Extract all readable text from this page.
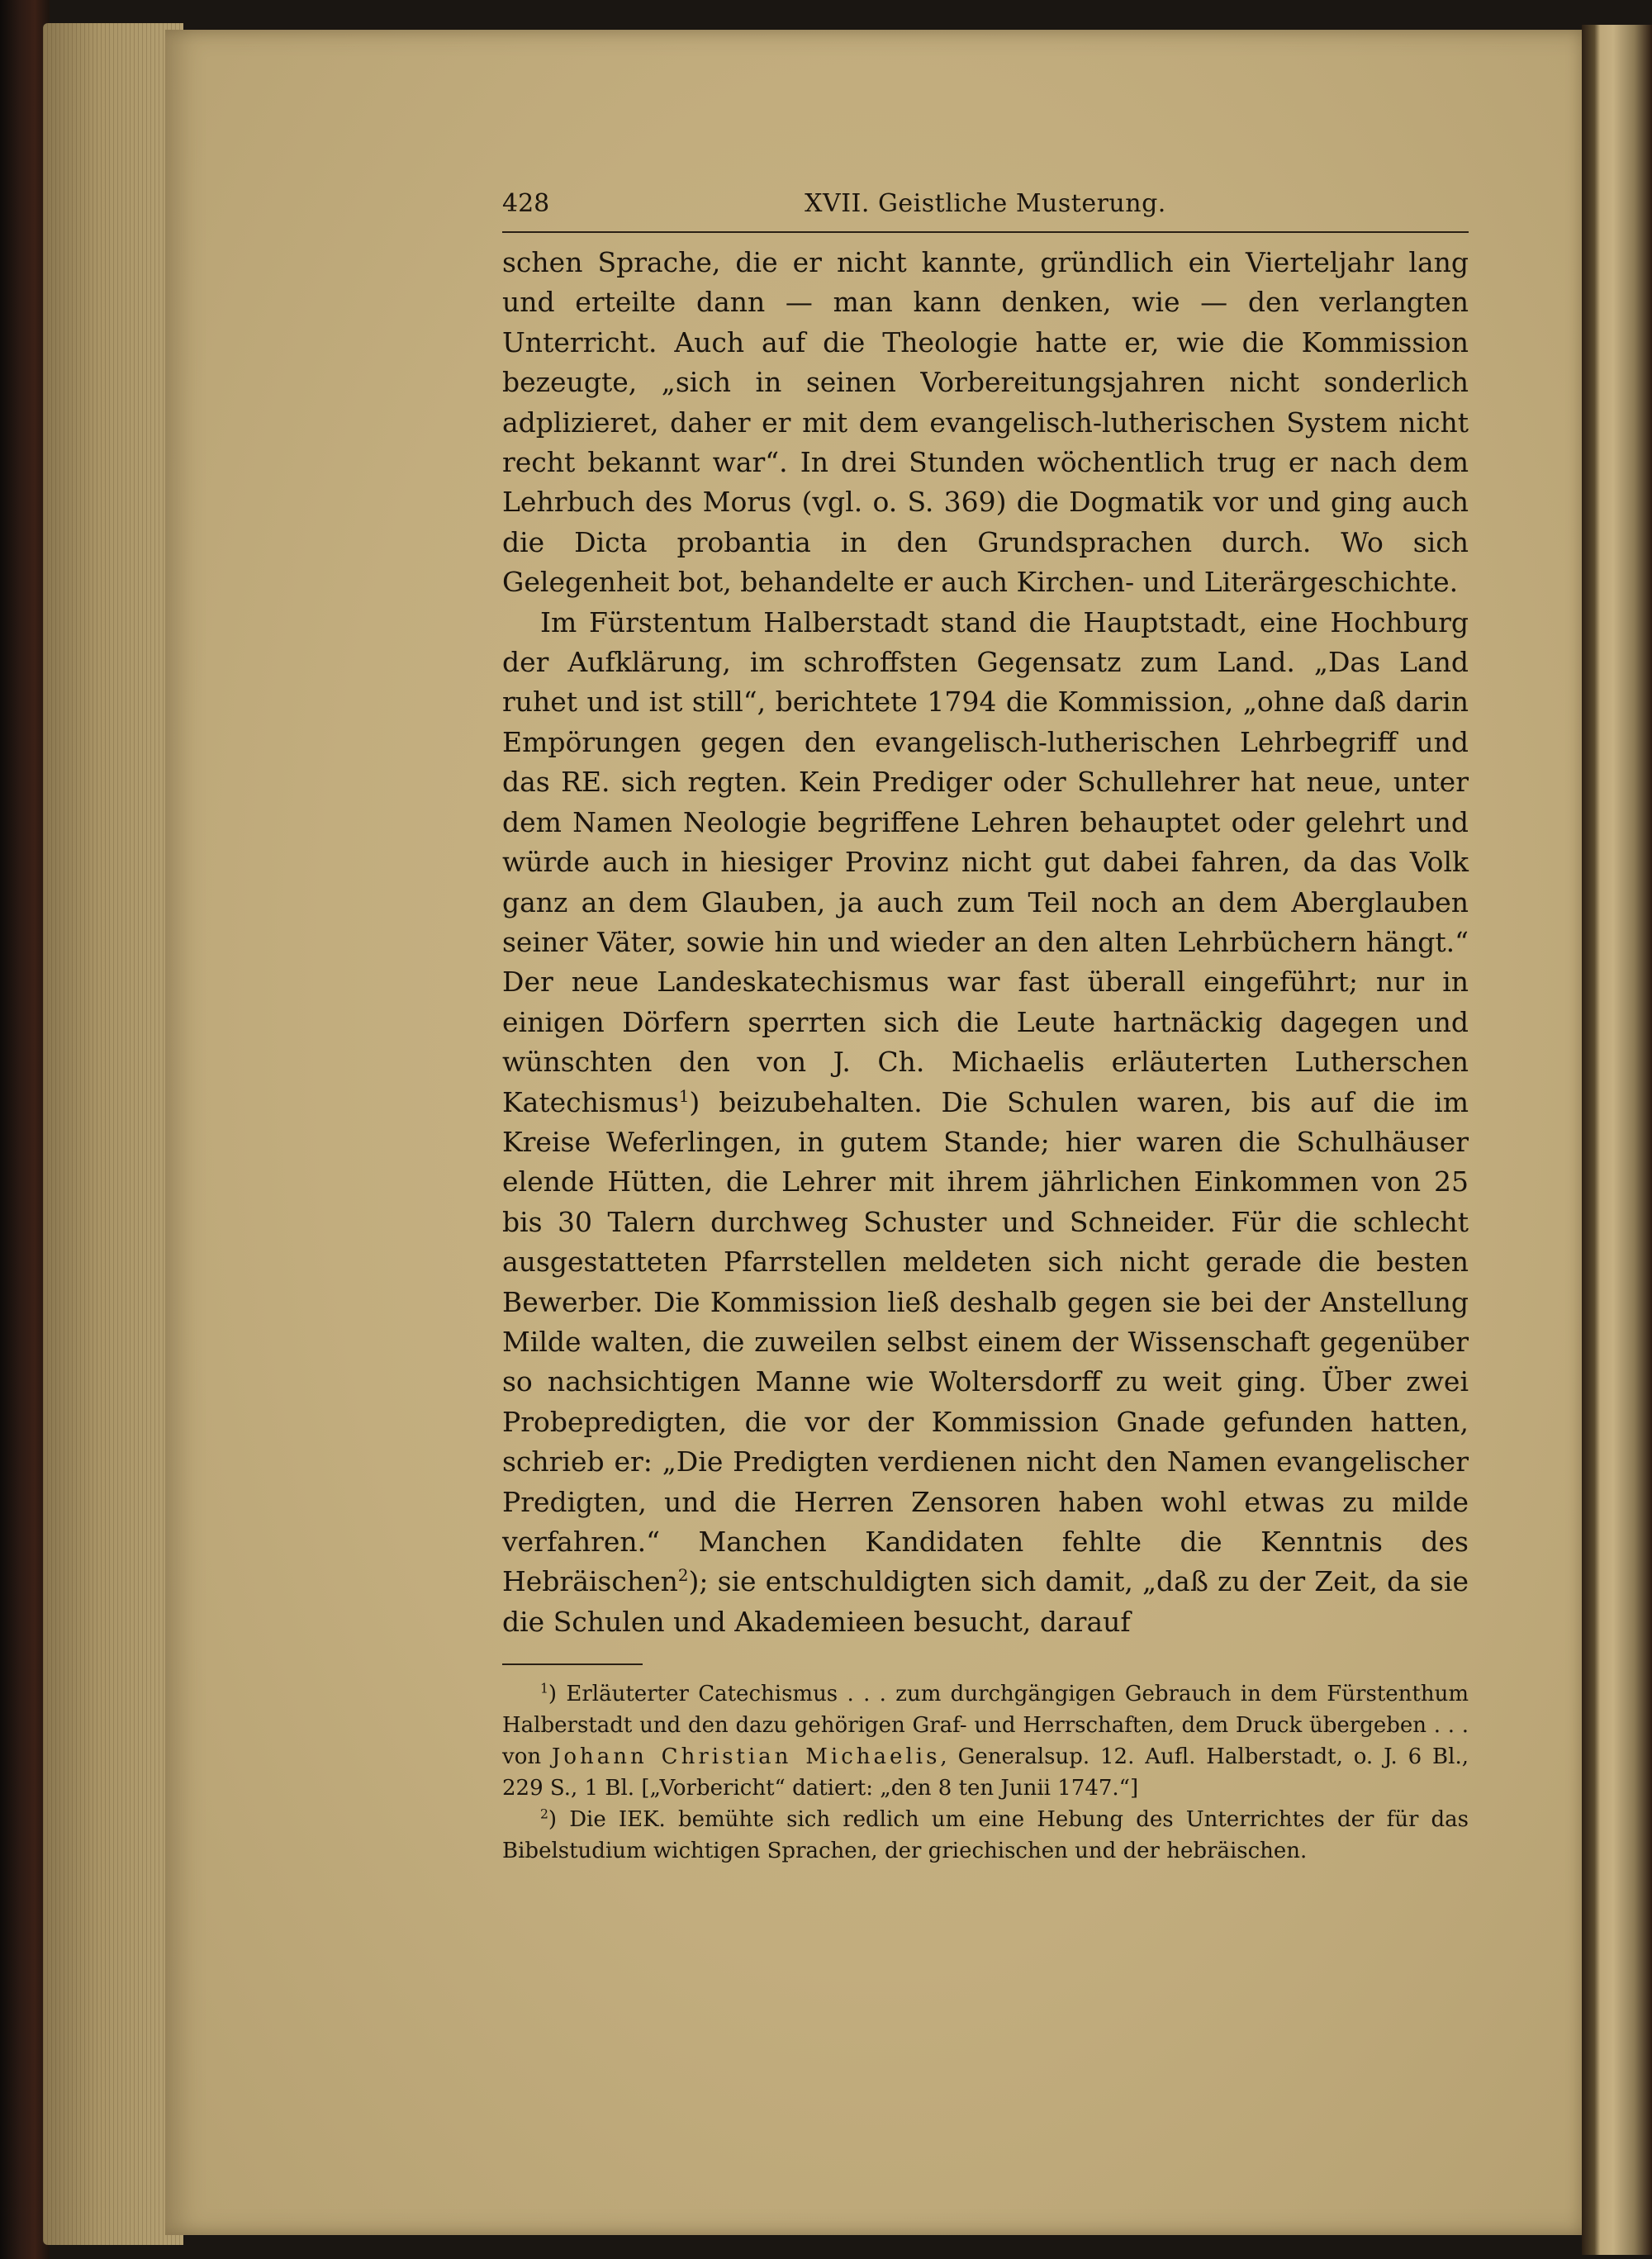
428	XVII. Geistliche Musterung.

schen Sprache, die er nicht kannte, gründlich ein Vierteljahr lang und erteilte dann — man kann denken, wie — den verlangten Unterricht. Auch auf die Theologie hatte er, wie die Kommission bezeugte, „sich in seinen Vorbereitungsjahren nicht sonderlich adplizieret, daher er mit dem evangelisch-lutherischen System nicht recht bekannt war“. In drei Stunden wöchentlich trug er nach dem Lehrbuch des Morus (vgl. o. S. 369) die Dogmatik vor und ging auch die Dicta probantia in den Grundsprachen durch. Wo sich Gelegenheit bot, behandelte er auch Kirchen- und Literärgeschichte.

Im Fürstentum Halberstadt stand die Hauptstadt, eine Hochburg der Aufklärung, im schroffsten Gegensatz zum Land. „Das Land ruhet und ist still“, berichtete 1794 die Kommission, „ohne daß darin Empörungen gegen den evangelisch-lutherischen Lehrbegriff und das RE. sich regten. Kein Prediger oder Schullehrer hat neue, unter dem Namen Neologie begriffene Lehren behauptet oder gelehrt und würde auch in hiesiger Provinz nicht gut dabei fahren, da das Volk ganz an dem Glauben, ja auch zum Teil noch an dem Aberglauben seiner Väter, sowie hin und wieder an den alten Lehrbüchern hängt.“ Der neue Landeskatechismus war fast überall eingeführt; nur in einigen Dörfern sperrten sich die Leute hartnäckig dagegen und wünschten den von J. Ch. Michaelis erläuterten Lutherschen Katechismus$^1$) beizubehalten. Die Schulen waren, bis auf die im Kreise Weferlingen, in gutem Stande; hier waren die Schulhäuser elende Hütten, die Lehrer mit ihrem jährlichen Einkommen von 25 bis 30 Talern durchweg Schuster und Schneider. Für die schlecht ausgestatteten Pfarrstellen meldeten sich nicht gerade die besten Bewerber. Die Kommission ließ deshalb gegen sie bei der Anstellung Milde walten, die zuweilen selbst einem der Wissenschaft gegenüber so nachsichtigen Manne wie Woltersdorff zu weit ging. Über zwei Probepredigten, die vor der Kommission Gnade gefunden hatten, schrieb er: „Die Predigten verdienen nicht den Namen evangelischer Predigten, und die Herren Zensoren haben wohl etwas zu milde verfahren.“ Manchen Kandidaten fehlte die Kenntnis des Hebräischen$^2$); sie entschuldigten sich damit, „daß zu der Zeit, da sie die Schulen und Akademieen besucht, darauf

$^1$) Erläuterter Catechismus . . . zum durchgängigen Gebrauch in dem Fürstenthum Halberstadt und den dazu gehörigen Graf- und Herrschaften, dem Druck übergeben . . . von Johann Christian Michaelis, Generalsup. 12. Aufl. Halberstadt, o. J. 6 Bl., 229 S., 1 Bl. [„Vorbericht“ datiert: „den 8 ten Junii 1747.“]

$^2$) Die IEK. bemühte sich redlich um eine Hebung des Unterrichtes der für das Bibelstudium wichtigen Sprachen, der griechischen und der hebräischen.
